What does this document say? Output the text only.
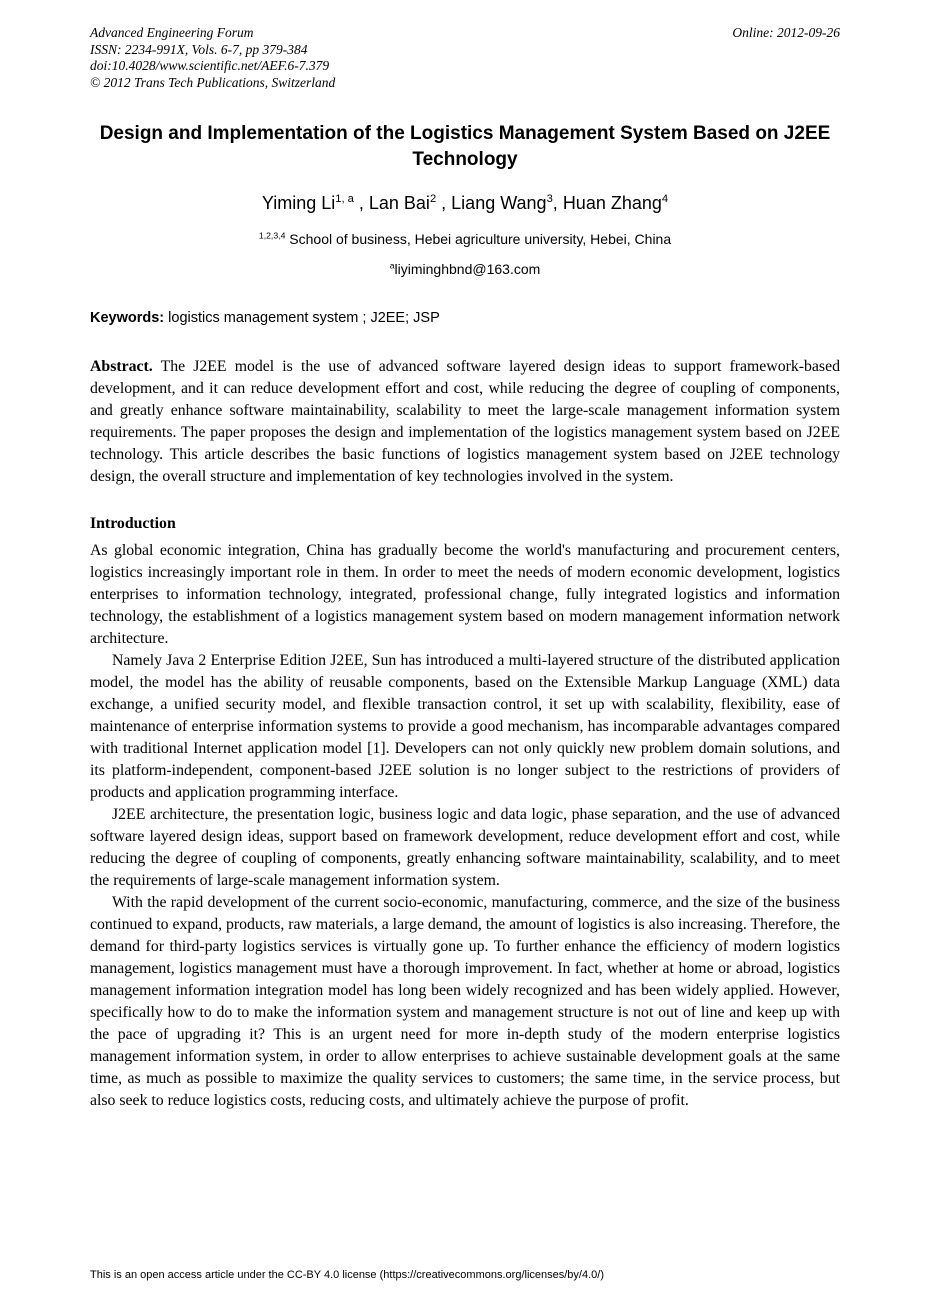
Advanced Engineering Forum
ISSN: 2234-991X, Vols. 6-7, pp 379-384
doi:10.4028/www.scientific.net/AEF.6-7.379
© 2012 Trans Tech Publications, Switzerland
Online: 2012-09-26
Design and Implementation of the Logistics Management System Based on J2EE Technology
Yiming Li$^{1, a}$ , Lan Bai$^2$ , Liang Wang$^3$, Huan Zhang$^4$
$^{1,2,3,4}$ School of business, Hebei agriculture university, Hebei, China
$^a$liyiminghbnd@163.com
Keywords: logistics management system ; J2EE; JSP

Abstract. The J2EE model is the use of advanced software layered design ideas to support framework-based development, and it can reduce development effort and cost, while reducing the degree of coupling of components, and greatly enhance software maintainability, scalability to meet the large-scale management information system requirements. The paper proposes the design and implementation of the logistics management system based on J2EE technology. This article describes the basic functions of logistics management system based on J2EE technology design, the overall structure and implementation of key technologies involved in the system.

Introduction

As global economic integration, China has gradually become the world's manufacturing and procurement centers, logistics increasingly important role in them. In order to meet the needs of modern economic development, logistics enterprises to information technology, integrated, professional change, fully integrated logistics and information technology, the establishment of a logistics management system based on modern management information network architecture.

Namely Java 2 Enterprise Edition J2EE, Sun has introduced a multi-layered structure of the distributed application model, the model has the ability of reusable components, based on the Extensible Markup Language (XML) data exchange, a unified security model, and flexible transaction control, it set up with scalability, flexibility, ease of maintenance of enterprise information systems to provide a good mechanism, has incomparable advantages compared with traditional Internet application model [1]. Developers can not only quickly new problem domain solutions, and its platform-independent, component-based J2EE solution is no longer subject to the restrictions of providers of products and application programming interface.

J2EE architecture, the presentation logic, business logic and data logic, phase separation, and the use of advanced software layered design ideas, support based on framework development, reduce development effort and cost, while reducing the degree of coupling of components, greatly enhancing software maintainability, scalability, and to meet the requirements of large-scale management information system.

With the rapid development of the current socio-economic, manufacturing, commerce, and the size of the business continued to expand, products, raw materials, a large demand, the amount of logistics is also increasing. Therefore, the demand for third-party logistics services is virtually gone up. To further enhance the efficiency of modern logistics management, logistics management must have a thorough improvement. In fact, whether at home or abroad, logistics management information integration model has long been widely recognized and has been widely applied. However, specifically how to do to make the information system and management structure is not out of line and keep up with the pace of upgrading it? This is an urgent need for more in-depth study of the modern enterprise logistics management information system, in order to allow enterprises to achieve sustainable development goals at the same time, as much as possible to maximize the quality services to customers; the same time, in the service process, but also seek to reduce logistics costs, reducing costs, and ultimately achieve the purpose of profit.

This is an open access article under the CC-BY 4.0 license (https://creativecommons.org/licenses/by/4.0/)
